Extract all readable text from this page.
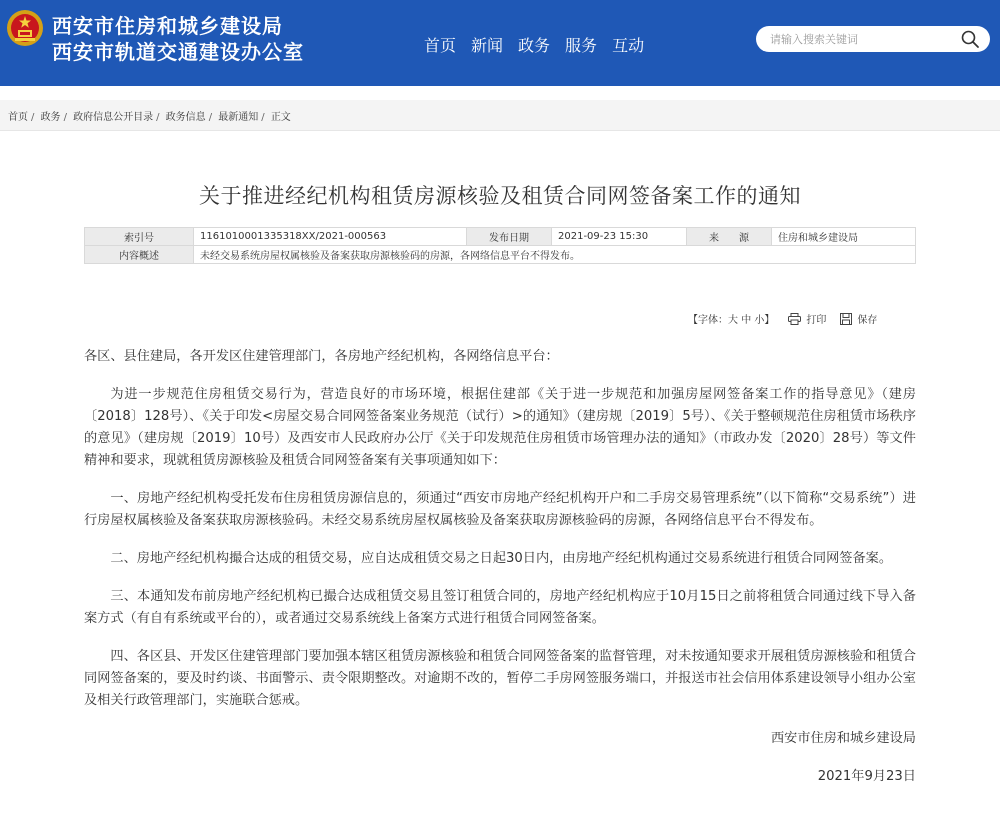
西安市住房和城乡建设局
西安市轨道交通建设办公室	首页 新闻 政务 服务 互动
请输入搜索关键词
首页 / 政务 / 政府信息公开目录 / 政务信息 / 最新通知 / 正文
关于推进经纪机构租赁房源核验及租赁合同网签备案工作的通知
索引号	1161010001335318XX/2021-000563	发布日期	2021-09-23 15:30	来　　源	住房和城乡建设局
内容概述	未经交易系统房屋权属核验及备案获取房源核验码的房源，各网络信息平台不得发布。				
【字体：大 中 小】	打印	保存

各区、县住建局，各开发区住建管理部门，各房地产经纪机构，各网络信息平台：

为进一步规范住房租赁交易行为，营造良好的市场环境，根据住建部《关于进一步规范和加强房屋网签备案工作的指导意见》（建房〔2018〕128号）、《关于印发<房屋交易合同网签备案业务规范（试行）>的通知》（建房规〔2019〕5号）、《关于整顿规范住房租赁市场秩序的意见》（建房规〔2019〕10号）及西安市人民政府办公厅《关于印发规范住房租赁市场管理办法的通知》（市政办发〔2020〕28号）等文件精神和要求，现就租赁房源核验及租赁合同网签备案有关事项通知如下：

一、房地产经纪机构受托发布住房租赁房源信息的，须通过“西安市房地产经纪机构开户和二手房交易管理系统”（以下简称“交易系统”）进行房屋权属核验及备案获取房源核验码。未经交易系统房屋权属核验及备案获取房源核验码的房源，各网络信息平台不得发布。

二、房地产经纪机构撮合达成的租赁交易，应自达成租赁交易之日起30日内，由房地产经纪机构通过交易系统进行租赁合同网签备案。

三、本通知发布前房地产经纪机构已撮合达成租赁交易且签订租赁合同的，房地产经纪机构应于10月15日之前将租赁合同通过线下导入备案方式（有自有系统或平台的），或者通过交易系统线上备案方式进行租赁合同网签备案。

四、各区县、开发区住建管理部门要加强本辖区租赁房源核验和租赁合同网签备案的监督管理，对未按通知要求开展租赁房源核验和租赁合同网签备案的，要及时约谈、书面警示、责令限期整改。对逾期不改的，暂停二手房网签服务端口，并报送市社会信用体系建设领导小组办公室及相关行政管理部门，实施联合惩戒。

西安市住房和城乡建设局

2021年9月23日
